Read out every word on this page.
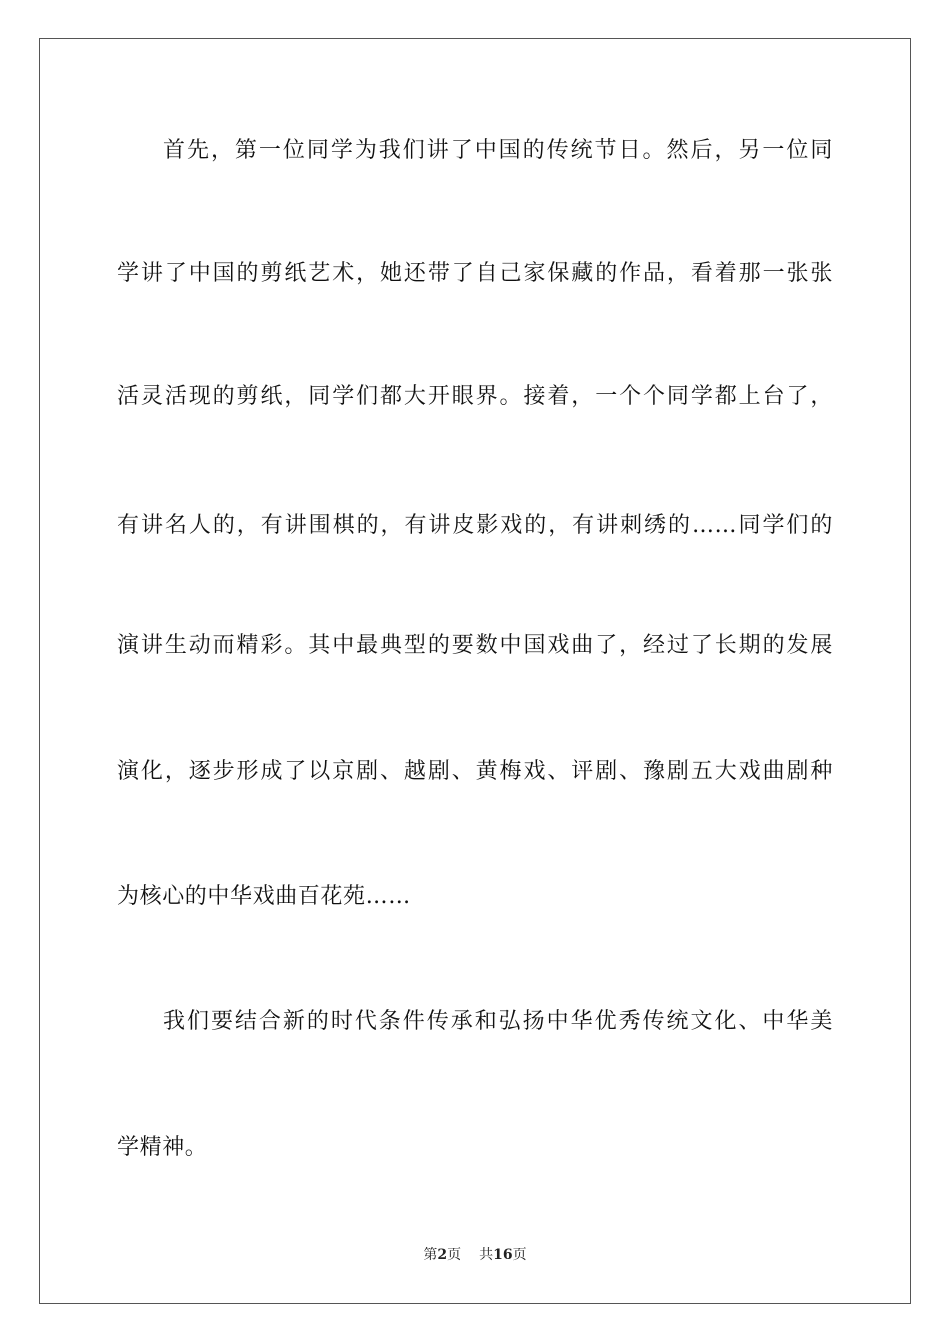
首先，第一位同学为我们讲了中国的传统节日。然后，另一位同
学讲了中国的剪纸艺术，她还带了自己家保藏的作品，看着那一张张
活灵活现的剪纸，同学们都大开眼界。接着，一个个同学都上台了，
有讲名人的，有讲围棋的，有讲皮影戏的，有讲刺绣的……同学们的
演讲生动而精彩。其中最典型的要数中国戏曲了，经过了长期的发展
演化，逐步形成了以京剧、越剧、黄梅戏、评剧、豫剧五大戏曲剧种
为核心的中华戏曲百花苑……
我们要结合新的时代条件传承和弘扬中华优秀传统文化、中华美
学精神。
第2页 共16页
